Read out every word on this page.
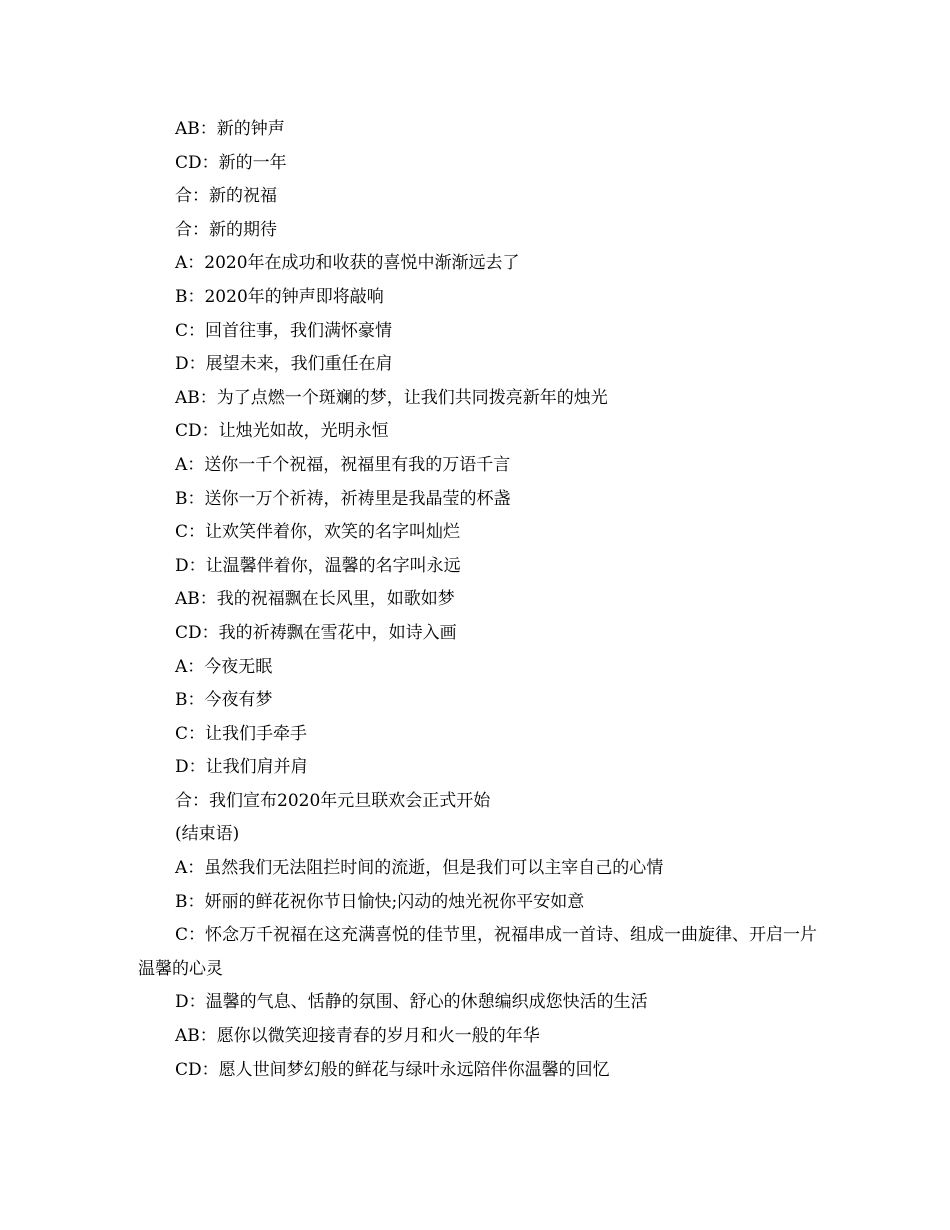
AB：新的钟声

CD：新的一年

合：新的祝福

合：新的期待

A：2020年在成功和收获的喜悦中渐渐远去了

B：2020年的钟声即将敲响

C：回首往事，我们满怀豪情

D：展望未来，我们重任在肩

AB：为了点燃一个斑斓的梦，让我们共同拨亮新年的烛光

CD：让烛光如故，光明永恒

A：送你一千个祝福，祝福里有我的万语千言

B：送你一万个祈祷，祈祷里是我晶莹的杯盏

C：让欢笑伴着你，欢笑的名字叫灿烂

D：让温馨伴着你，温馨的名字叫永远

AB：我的祝福飘在长风里，如歌如梦

CD：我的祈祷飘在雪花中，如诗入画

A：今夜无眠

B：今夜有梦

C：让我们手牵手

D：让我们肩并肩

合：我们宣布2020年元旦联欢会正式开始

(结束语)

A：虽然我们无法阻拦时间的流逝，但是我们可以主宰自己的心情

B：妍丽的鲜花祝你节日愉快;闪动的烛光祝你平安如意

C：怀念万千祝福在这充满喜悦的佳节里，祝福串成一首诗、组成一曲旋律、开启一片温馨的心灵

D：温馨的气息、恬静的氛围、舒心的休憩编织成您快活的生活

AB：愿你以微笑迎接青春的岁月和火一般的年华

CD：愿人世间梦幻般的鲜花与绿叶永远陪伴你温馨的回忆
